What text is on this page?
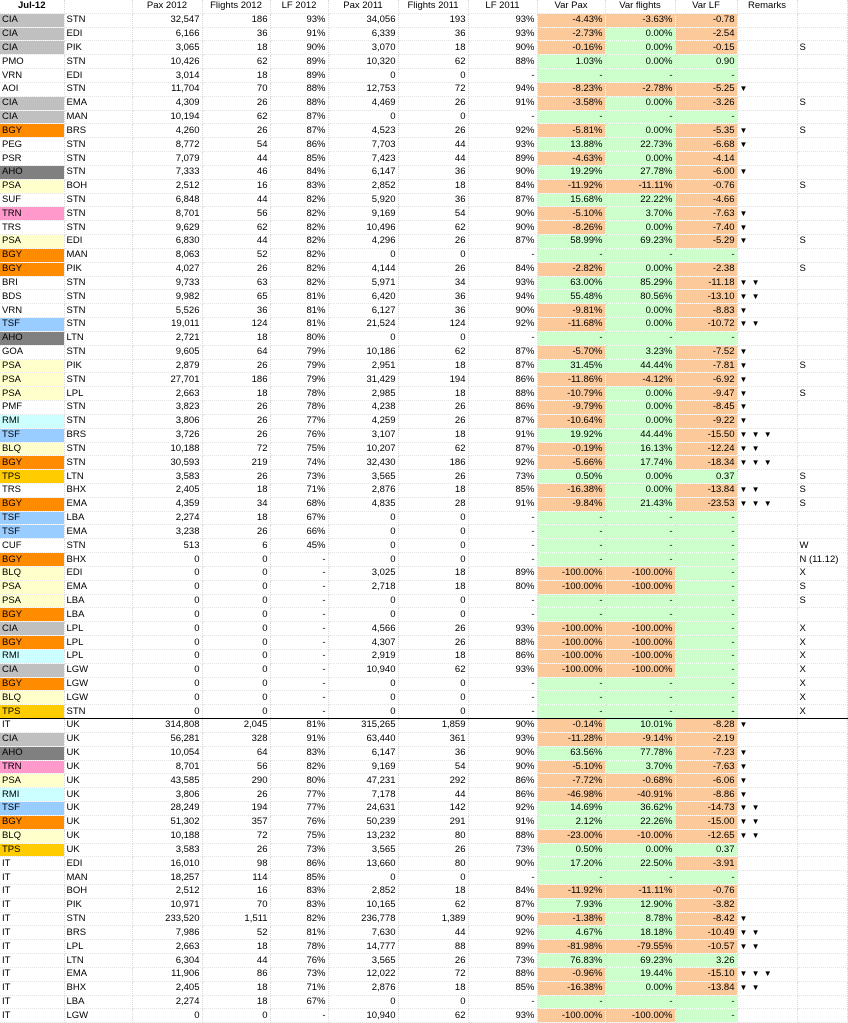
Jul-12		Pax 2012	Flights 2012	LF 2012	Pax 2011	Flights 2011	LF 2011	Var Pax	Var flights	Var LF	Remarks	
CIA	STN	32,547	186	93%	34,056	193	93%	-4.43%	-3.63%	-0.78		
CIA	EDI	6,166	36	91%	6,339	36	93%	-2.73%	0.00%	-2.54		
CIA	PIK	3,065	18	90%	3,070	18	90%	-0.16%	0.00%	-0.15		S
PMO	STN	10,426	62	89%	10,320	62	88%	1.03%	0.00%	0.90		
VRN	EDI	3,014	18	89%	0	0	-	-	-	-		
AOI	STN	11,704	70	88%	12,753	72	94%	-8.23%	-2.78%	-5.25	▼	
CIA	EMA	4,309	26	88%	4,469	26	91%	-3.58%	0.00%	-3.26		S
CIA	MAN	10,194	62	87%	0	0	-	-	-	-		
BGY	BRS	4,260	26	87%	4,523	26	92%	-5.81%	0.00%	-5.35	▼	S
PEG	STN	8,772	54	86%	7,703	44	93%	13.88%	22.73%	-6.68	▼	
PSR	STN	7,079	44	85%	7,423	44	89%	-4.63%	0.00%	-4.14		
AHO	STN	7,333	46	84%	6,147	36	90%	19.29%	27.78%	-6.00	▼	
PSA	BOH	2,512	16	83%	2,852	18	84%	-11.92%	-11.11%	-0.76		S
SUF	STN	6,848	44	82%	5,920	36	87%	15.68%	22.22%	-4.66		
TRN	STN	8,701	56	82%	9,169	54	90%	-5.10%	3.70%	-7.63	▼	
TRS	STN	9,629	62	82%	10,496	62	90%	-8.26%	0.00%	-7.40	▼	
PSA	EDI	6,830	44	82%	4,296	26	87%	58.99%	69.23%	-5.29	▼	S
BGY	MAN	8,063	52	82%	0	0	-	-	-	-		
BGY	PIK	4,027	26	82%	4,144	26	84%	-2.82%	0.00%	-2.38		S
BRI	STN	9,733	63	82%	5,971	34	93%	63.00%	85.29%	-11.18	▼ ▼	
BDS	STN	9,982	65	81%	6,420	36	94%	55.48%	80.56%	-13.10	▼ ▼	
VRN	STN	5,526	36	81%	6,127	36	90%	-9.81%	0.00%	-8.83	▼	
TSF	STN	19,011	124	81%	21,524	124	92%	-11.68%	0.00%	-10.72	▼ ▼	
AHO	LTN	2,721	18	80%	0	0	-	-	-	-		
GOA	STN	9,605	64	79%	10,186	62	87%	-5.70%	3.23%	-7.52	▼	
PSA	PIK	2,879	26	79%	2,951	18	87%	31.45%	44.44%	-7.81	▼	S
PSA	STN	27,701	186	79%	31,429	194	86%	-11.86%	-4.12%	-6.92	▼	
PSA	LPL	2,663	18	78%	2,985	18	88%	-10.79%	0.00%	-9.47	▼	S
PMF	STN	3,823	26	78%	4,238	26	86%	-9.79%	0.00%	-8.45	▼	
RMI	STN	3,806	26	77%	4,259	26	87%	-10.64%	0.00%	-9.22	▼	
TSF	BRS	3,726	26	76%	3,107	18	91%	19.92%	44.44%	-15.50	▼ ▼ ▼	
BLQ	STN	10,188	72	75%	10,207	62	87%	-0.19%	16.13%	-12.24	▼ ▼	
BGY	STN	30,593	219	74%	32,430	186	92%	-5.66%	17.74%	-18.34	▼ ▼ ▼	
TPS	LTN	3,583	26	73%	3,565	26	73%	0.50%	0.00%	0.37		S
TRS	BHX	2,405	18	71%	2,876	18	85%	-16.38%	0.00%	-13.84	▼ ▼	S
BGY	EMA	4,359	34	68%	4,835	28	91%	-9.84%	21.43%	-23.53	▼ ▼ ▼	S
TSF	LBA	2,274	18	67%	0	0	-	-	-	-		
TSF	EMA	3,238	26	66%	0	0	-	-	-	-		
CUF	STN	513	6	45%	0	0	-	-	-	-		W
BGY	BHX	0	0	-	0	0	-	-	-	-		N (11.12)
BLQ	EDI	0	0	-	3,025	18	89%	-100.00%	-100.00%	-		X
PSA	EMA	0	0	-	2,718	18	80%	-100.00%	-100.00%	-		S
PSA	LBA	0	0	-	0	0	-	-	-	-		S
BGY	LBA	0	0	-	0	0	-	-	-	-		
CIA	LPL	0	0	-	4,566	26	93%	-100.00%	-100.00%	-		X
BGY	LPL	0	0	-	4,307	26	88%	-100.00%	-100.00%	-		X
RMI	LPL	0	0	-	2,919	18	86%	-100.00%	-100.00%	-		X
CIA	LGW	0	0	-	10,940	62	93%	-100.00%	-100.00%	-		X
BGY	LGW	0	0	-	0	0	-	-	-	-		X
BLQ	LGW	0	0	-	0	0	-	-	-	-		X
TPS	STN	0	0	-	0	0	-	-	-	-		X
IT	UK	314,808	2,045	81%	315,265	1,859	90%	-0.14%	10.01%	-8.28	▼	
CIA	UK	56,281	328	91%	63,440	361	93%	-11.28%	-9.14%	-2.19		
AHO	UK	10,054	64	83%	6,147	36	90%	63.56%	77.78%	-7.23	▼	
TRN	UK	8,701	56	82%	9,169	54	90%	-5.10%	3.70%	-7.63	▼	
PSA	UK	43,585	290	80%	47,231	292	86%	-7.72%	-0.68%	-6.06	▼	
RMI	UK	3,806	26	77%	7,178	44	86%	-46.98%	-40.91%	-8.86	▼	
TSF	UK	28,249	194	77%	24,631	142	92%	14.69%	36.62%	-14.73	▼ ▼	
BGY	UK	51,302	357	76%	50,239	291	91%	2.12%	22.26%	-15.00	▼ ▼	
BLQ	UK	10,188	72	75%	13,232	80	88%	-23.00%	-10.00%	-12.65	▼ ▼	
TPS	UK	3,583	26	73%	3,565	26	73%	0.50%	0.00%	0.37		
IT	EDI	16,010	98	86%	13,660	80	90%	17.20%	22.50%	-3.91		
IT	MAN	18,257	114	85%	0	0	-	-	-	-		
IT	BOH	2,512	16	83%	2,852	18	84%	-11.92%	-11.11%	-0.76		
IT	PIK	10,971	70	83%	10,165	62	87%	7.93%	12.90%	-3.82		
IT	STN	233,520	1,511	82%	236,778	1,389	90%	-1.38%	8.78%	-8.42	▼	
IT	BRS	7,986	52	81%	7,630	44	92%	4.67%	18.18%	-10.49	▼ ▼	
IT	LPL	2,663	18	78%	14,777	88	89%	-81.98%	-79.55%	-10.57	▼ ▼	
IT	LTN	6,304	44	76%	3,565	26	73%	76.83%	69.23%	3.26		
IT	EMA	11,906	86	73%	12,022	72	88%	-0.96%	19.44%	-15.10	▼ ▼ ▼	
IT	BHX	2,405	18	71%	2,876	18	85%	-16.38%	0.00%	-13.84	▼ ▼	
IT	LBA	2,274	18	67%	0	0	-	-	-	-		
IT	LGW	0	0	-	10,940	62	93%	-100.00%	-100.00%	-		
